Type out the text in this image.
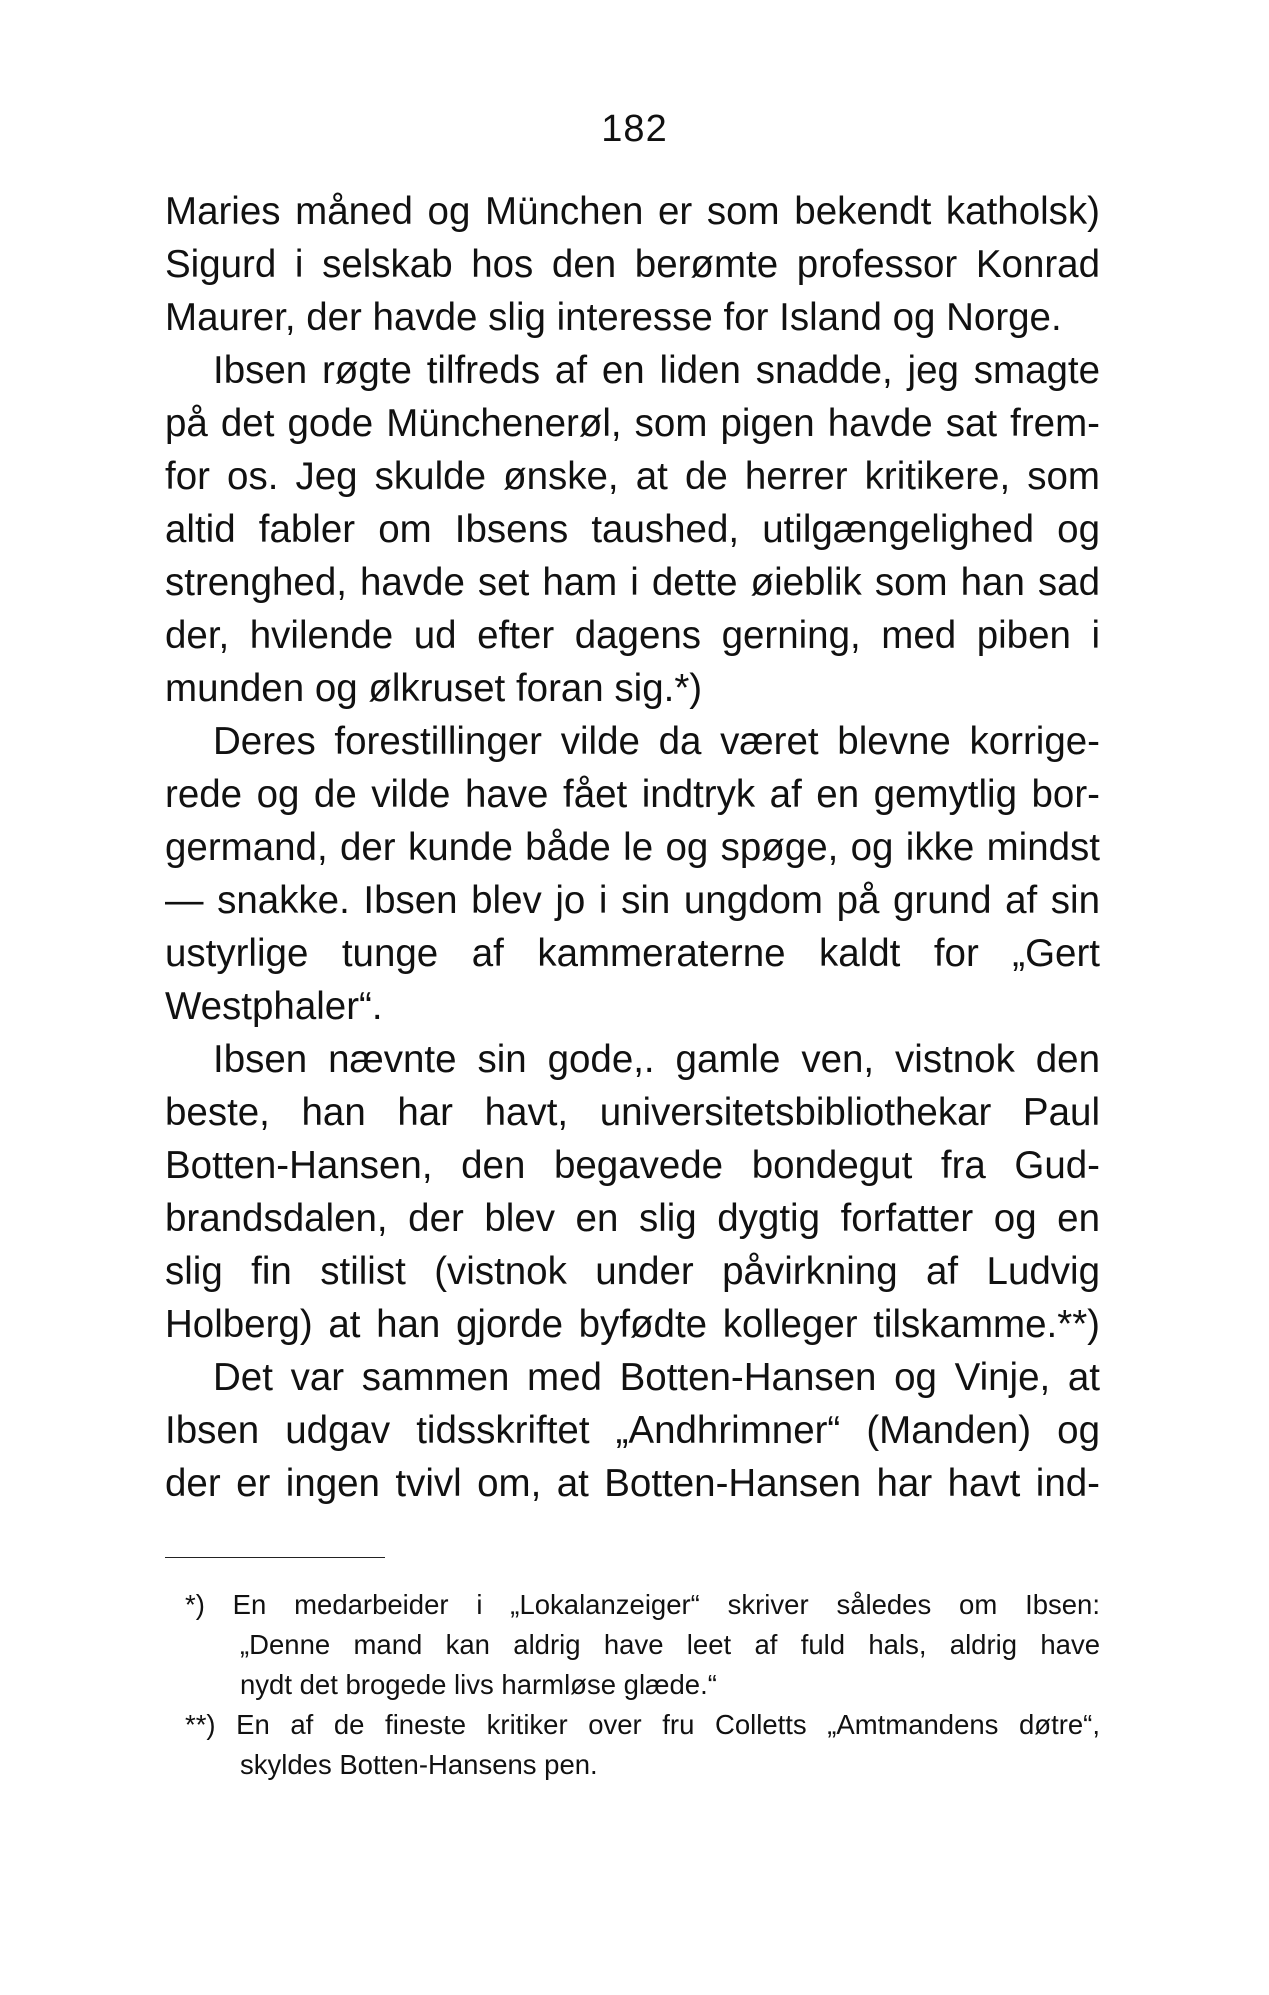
182
Maries måned og München er som bekendt katholsk)
Sigurd i selskab hos den berømte professor Konrad
Maurer, der havde slig interesse for Island og Norge.
Ibsen røgte tilfreds af en liden snadde, jeg smagte
på det gode Münchenerøl, som pigen havde sat frem-
for os. Jeg skulde ønske, at de herrer kritikere, som
altid fabler om Ibsens taushed, utilgængelighed og
strenghed, havde set ham i dette øieblik som han sad
der, hvilende ud efter dagens gerning, med piben i
munden og ølkruset foran sig.*)
Deres forestillinger vilde da været blevne korrige-
rede og de vilde have fået indtryk af en gemytlig bor-
germand, der kunde både le og spøge, og ikke mindst
— snakke. Ibsen blev jo i sin ungdom på grund af sin
ustyrlige tunge af kammeraterne kaldt for „Gert
Westphaler“.
Ibsen nævnte sin gode,. gamle ven, vistnok den
beste, han har havt, universitetsbibliothekar Paul
Botten-Hansen, den begavede bondegut fra Gud-
brandsdalen, der blev en slig dygtig forfatter og en
slig fin stilist (vistnok under påvirkning af Ludvig
Holberg) at han gjorde byfødte kolleger tilskamme.**)
Det var sammen med Botten-Hansen og Vinje, at
Ibsen udgav tidsskriftet „Andhrimner“ (Manden) og
der er ingen tvivl om, at Botten-Hansen har havt ind-
*) En medarbeider i „Lokalanzeiger“ skriver således om Ibsen:
„Denne mand kan aldrig have leet af fuld hals, aldrig have
nydt det brogede livs harmløse glæde.“
**) En af de fineste kritiker over fru Colletts „Amtmandens døtre“,
skyldes Botten-Hansens pen.
